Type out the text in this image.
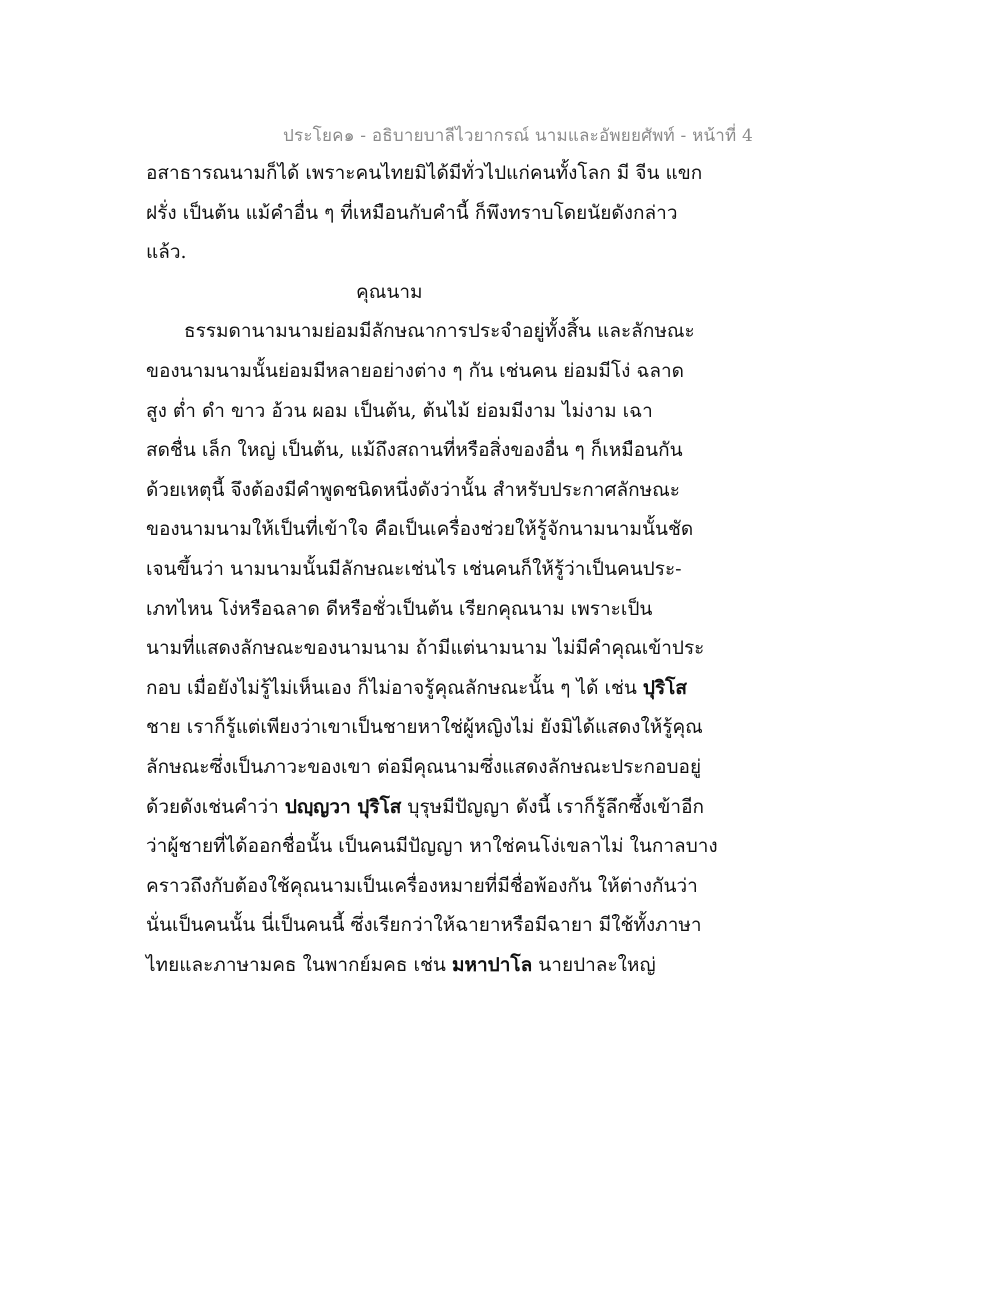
ประโยค๑ - อธิบายบาลีไวยากรณ์ นามและอัพยยศัพท์ - หน้าที่ 4
อสาธารณนามก็ได้ เพราะคนไทยมิได้มีทั่วไปแก่คนทั้งโลก มี จีน แขก
ฝรั่ง เป็นต้น แม้คำอื่น ๆ ที่เหมือนกับคำนี้ ก็พึงทราบโดยนัยดังกล่าว
แล้ว.
คุณนาม
ธรรมดานามนามย่อมมีลักษณาการประจำอยู่ทั้งสิ้น และลักษณะ
ของนามนามนั้นย่อมมีหลายอย่างต่าง ๆ กัน เช่นคน ย่อมมีโง่ ฉลาด
สูง ต่ำ ดำ ขาว อ้วน ผอม เป็นต้น, ต้นไม้ ย่อมมีงาม ไม่งาม เฉา
สดชื่น เล็ก ใหญ่ เป็นต้น, แม้ถึงสถานที่หรือสิ่งของอื่น ๆ ก็เหมือนกัน
ด้วยเหตุนี้ จึงต้องมีคำพูดชนิดหนึ่งดังว่านั้น สำหรับประกาศลักษณะ
ของนามนามให้เป็นที่เข้าใจ คือเป็นเครื่องช่วยให้รู้จักนามนามนั้นชัด
เจนขึ้นว่า นามนามนั้นมีลักษณะเช่นไร เช่นคนก็ให้รู้ว่าเป็นคนประ-
เภทไหน โง่หรือฉลาด ดีหรือชั่วเป็นต้น เรียกคุณนาม เพราะเป็น
นามที่แสดงลักษณะของนามนาม ถ้ามีแต่นามนาม ไม่มีคำคุณเข้าประ
กอบ เมื่อยังไม่รู้ไม่เห็นเอง ก็ไม่อาจรู้คุณลักษณะนั้น ๆ ได้ เช่น ปุริโส
ชาย เราก็รู้แต่เพียงว่าเขาเป็นชายหาใช่ผู้หญิงไม่ ยังมิได้แสดงให้รู้คุณ
ลักษณะซึ่งเป็นภาวะของเขา ต่อมีคุณนามซึ่งแสดงลักษณะประกอบอยู่
ด้วยดังเช่นคำว่า ปญฺญวา ปุริโส บุรุษมีปัญญา ดังนี้ เราก็รู้ลึกซึ้งเข้าอีก
ว่าผู้ชายที่ได้ออกชื่อนั้น เป็นคนมีปัญญา หาใช่คนโง่เขลาไม่ ในกาลบาง
คราวถึงกับต้องใช้คุณนามเป็นเครื่องหมายที่มีชื่อพ้องกัน ให้ต่างกันว่า
นั่นเป็นคนนั้น นี่เป็นคนนี้ ซึ่งเรียกว่าให้ฉายาหรือมีฉายา มีใช้ทั้งภาษา
ไทยและภาษามคธ ในพากย์มคธ เช่น มหาปาโล นายปาละใหญ่
